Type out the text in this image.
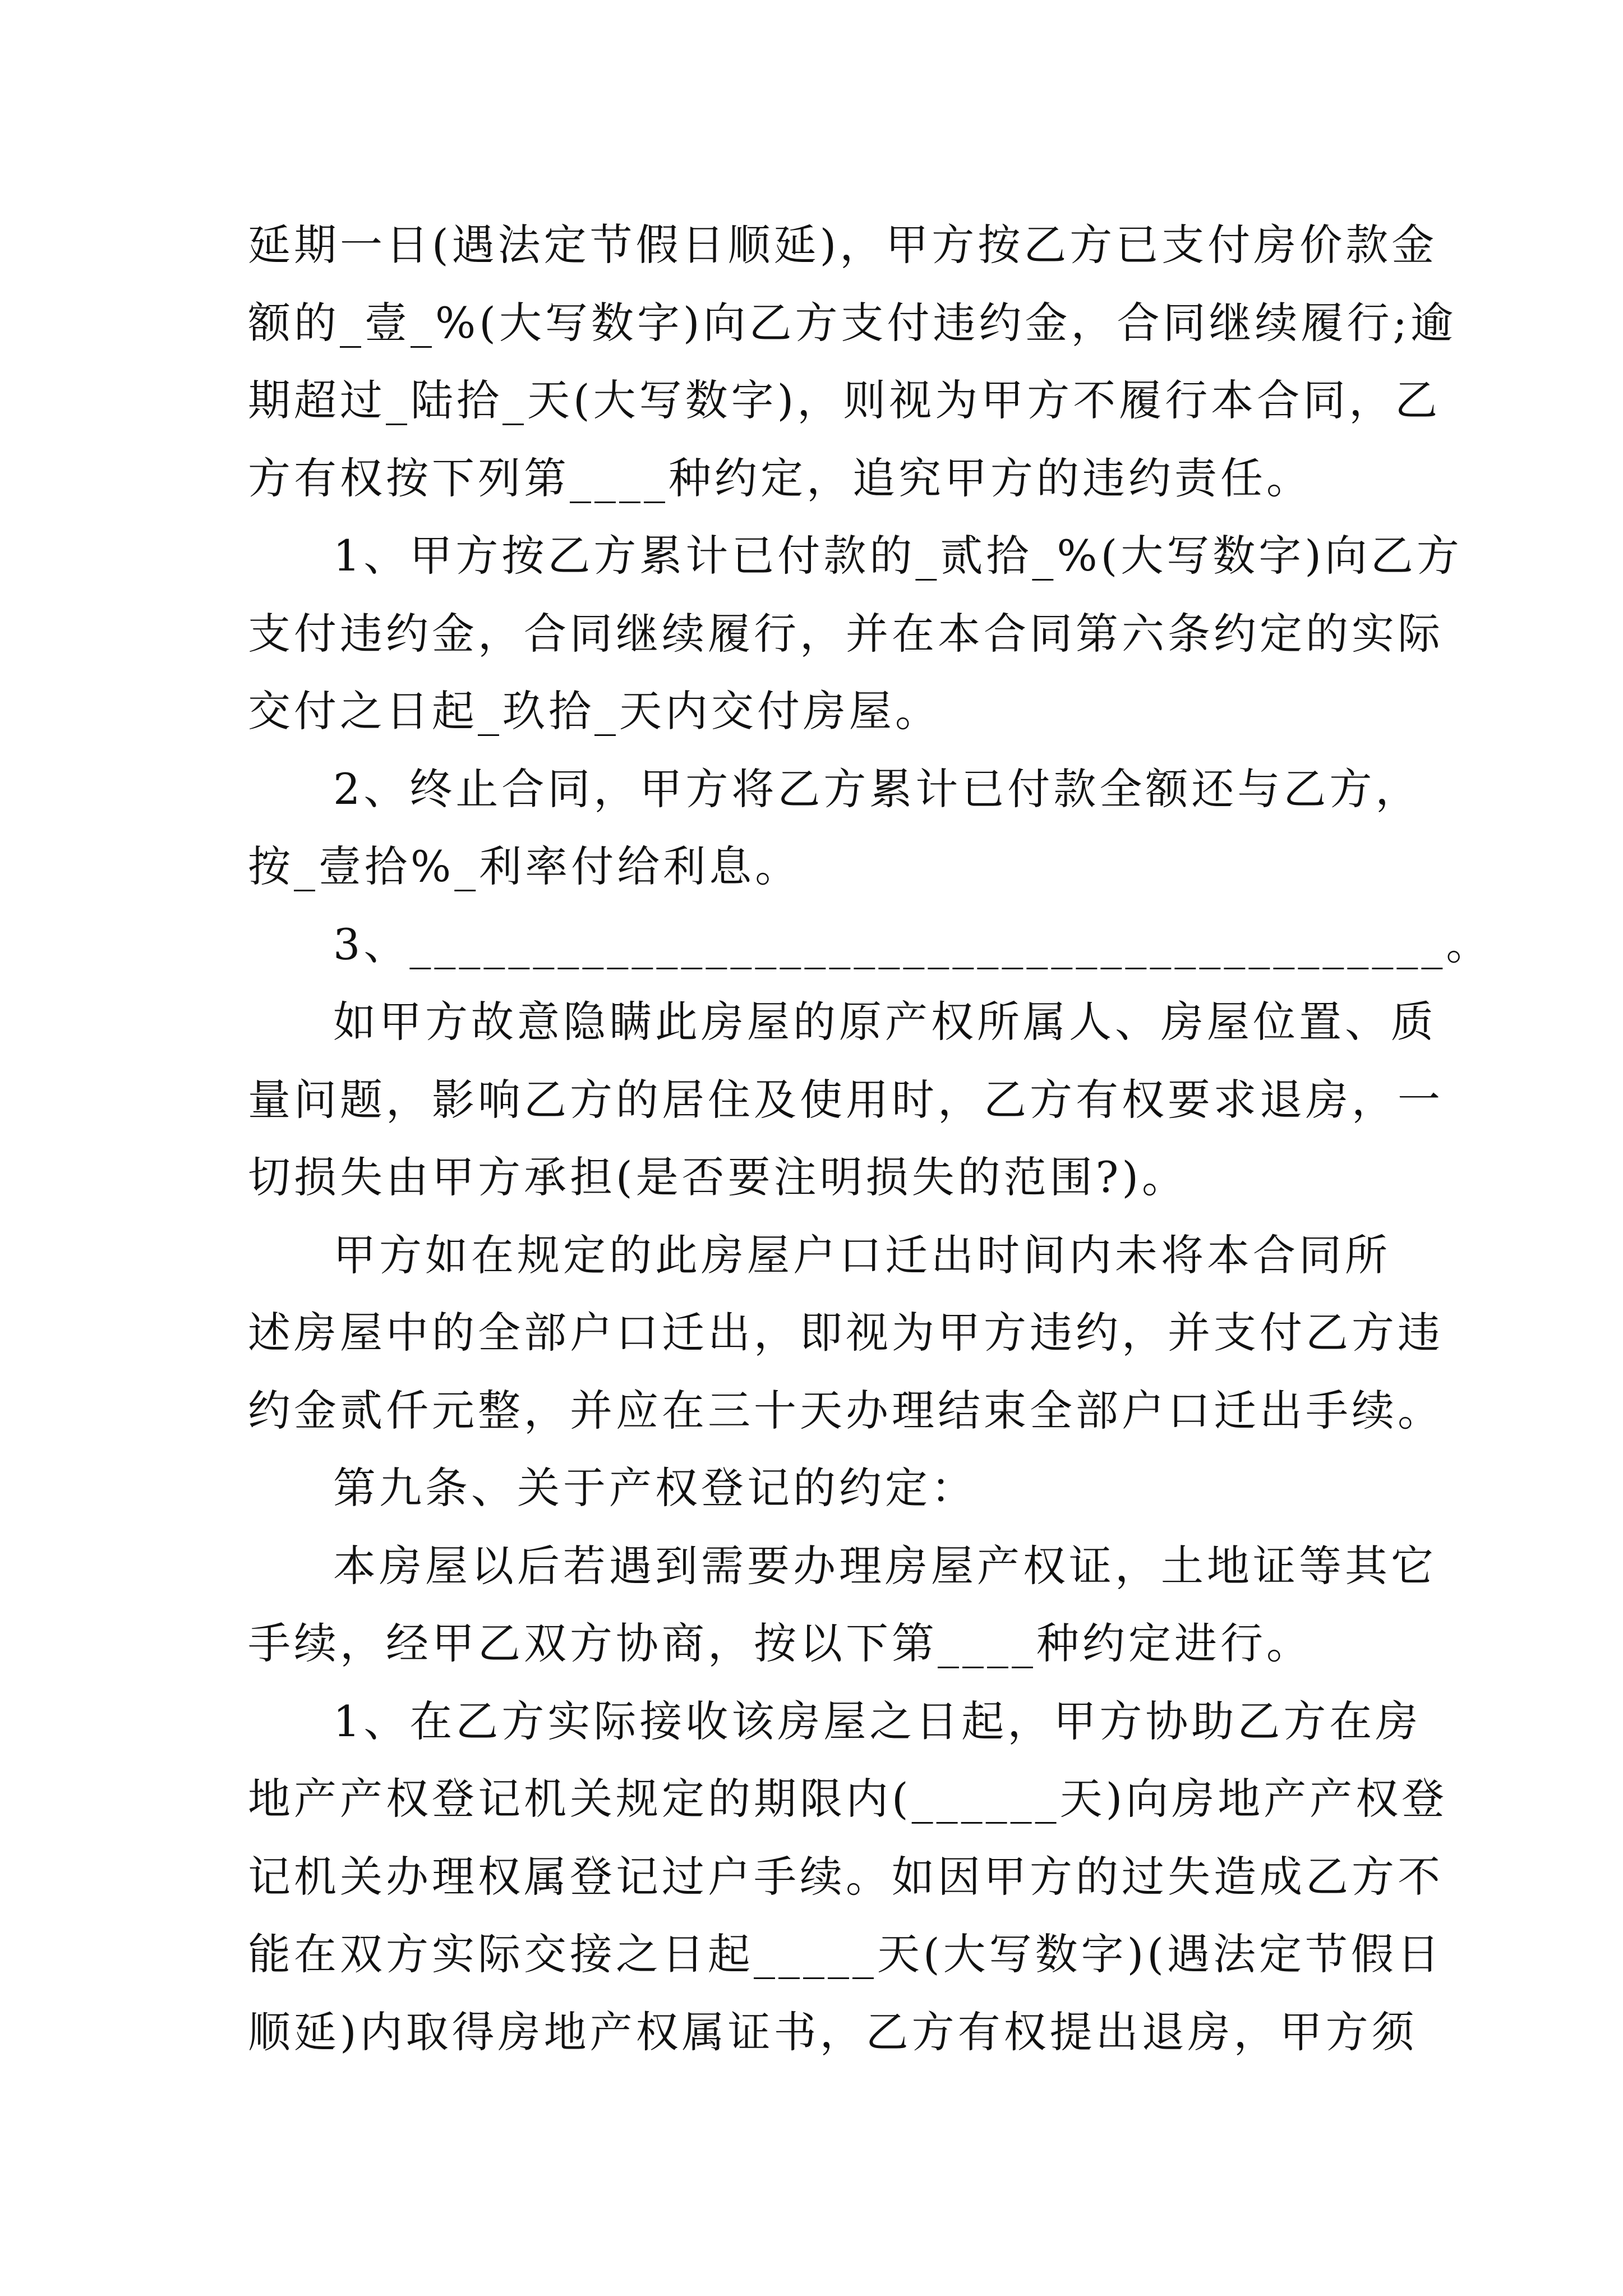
延期一日(遇法定节假日顺延)，甲方按乙方已支付房价款金
额的_壹_%(大写数字)向乙方支付违约金，合同继续履行;逾
期超过_陆拾_天(大写数字)，则视为甲方不履行本合同，乙
方有权按下列第____种约定，追究甲方的违约责任。
1、甲方按乙方累计已付款的_贰拾_%(大写数字)向乙方
支付违约金，合同继续履行，并在本合同第六条约定的实际
交付之日起_玖拾_天内交付房屋。
2、终止合同，甲方将乙方累计已付款全额还与乙方，
按_壹拾%_利率付给利息。
3、__________________________________________。
如甲方故意隐瞒此房屋的原产权所属人、房屋位置、质
量问题，影响乙方的居住及使用时，乙方有权要求退房，一
切损失由甲方承担(是否要注明损失的范围?)。
甲方如在规定的此房屋户口迁出时间内未将本合同所
述房屋中的全部户口迁出，即视为甲方违约，并支付乙方违
约金贰仟元整，并应在三十天办理结束全部户口迁出手续。
第九条、关于产权登记的约定：
本房屋以后若遇到需要办理房屋产权证，土地证等其它
手续，经甲乙双方协商，按以下第____种约定进行。
1、在乙方实际接收该房屋之日起，甲方协助乙方在房
地产产权登记机关规定的期限内(______天)向房地产产权登
记机关办理权属登记过户手续。如因甲方的过失造成乙方不
能在双方实际交接之日起_____天(大写数字)(遇法定节假日
顺延)内取得房地产权属证书，乙方有权提出退房，甲方须
